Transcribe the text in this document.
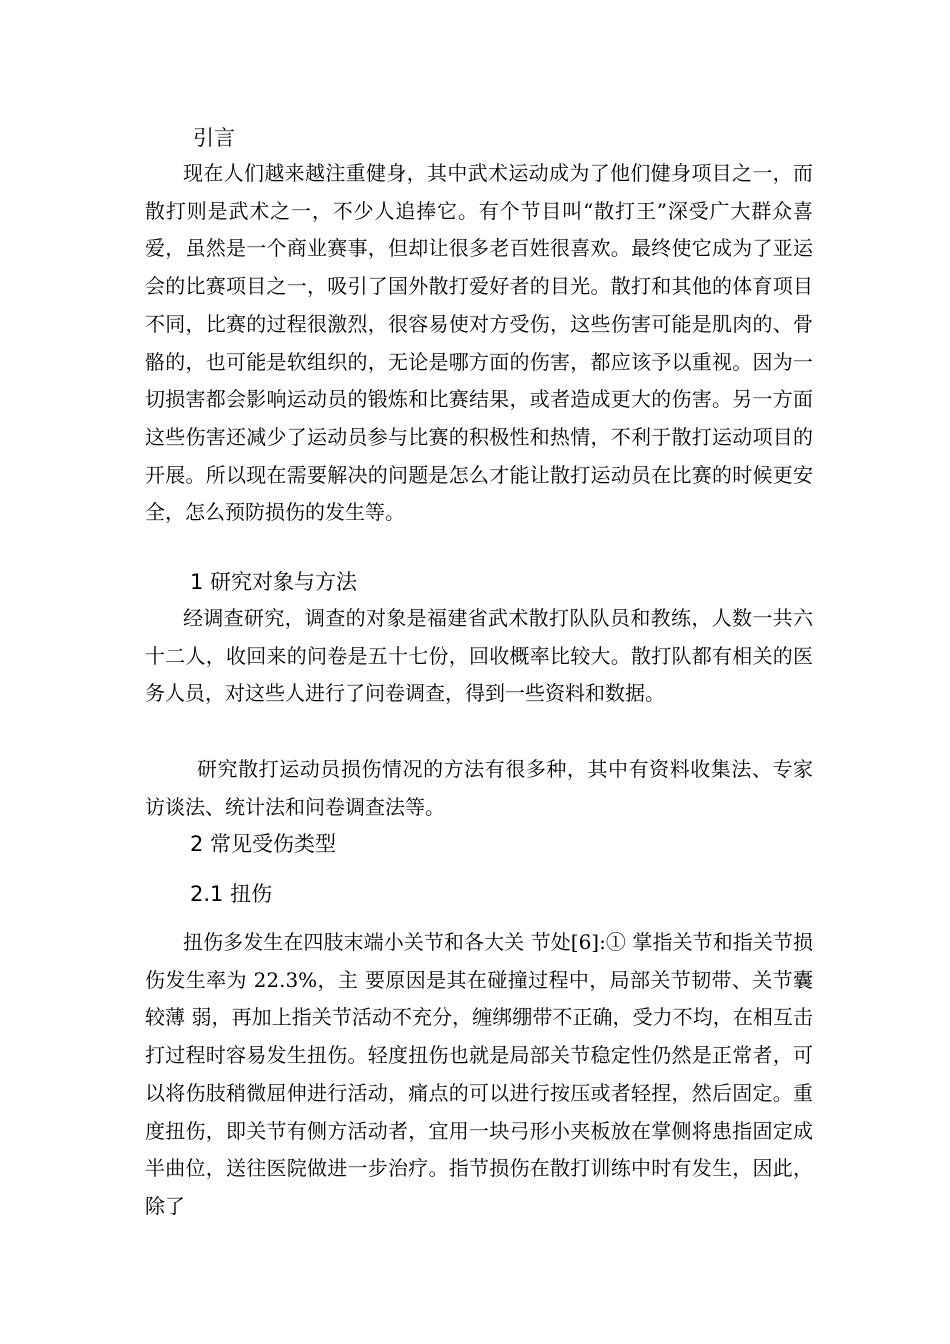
引言
现在人们越来越注重健身，其中武术运动成为了他们健身项目之一，而散打则是武术之一，不少人追捧它。有个节目叫“散打王”深受广大群众喜爱，虽然是一个商业赛事，但却让很多老百姓很喜欢。最终使它成为了亚运会的比赛项目之一，吸引了国外散打爱好者的目光。散打和其他的体育项目不同，比赛的过程很激烈，很容易使对方受伤，这些伤害可能是肌肉的、骨骼的，也可能是软组织的，无论是哪方面的伤害，都应该予以重视。因为一切损害都会影响运动员的锻炼和比赛结果，或者造成更大的伤害。另一方面这些伤害还减少了运动员参与比赛的积极性和热情，不利于散打运动项目的开展。所以现在需要解决的问题是怎么才能让散打运动员在比赛的时候更安全，怎么预防损伤的发生等。
1 研究对象与方法
经调查研究，调查的对象是福建省武术散打队队员和教练，人数一共六十二人，收回来的问卷是五十七份，回收概率比较大。散打队都有相关的医务人员，对这些人进行了问卷调查，得到一些资料和数据。
研究散打运动员损伤情况的方法有很多种，其中有资料收集法、专家访谈法、统计法和问卷调查法等。
2 常见受伤类型
2.1 扭伤
扭伤多发生在四肢末端小关节和各大关 节处[6]:① 掌指关节和指关节损伤发生率为 22.3%，主 要原因是其在碰撞过程中，局部关节韧带、关节囊较薄 弱，再加上指关节活动不充分，缠绑绷带不正确，受力不均，在相互击打过程时容易发生扭伤。轻度扭伤也就是局部关节稳定性仍然是正常者，可以将伤肢稍微屈伸进行活动，痛点的可以进行按压或者轻捏，然后固定。重度扭伤，即关节有侧方活动者，宜用一块弓形小夹板放在掌侧将患指固定成半曲位，送往医院做进一步治疗。指节损伤在散打训练中时有发生，因此，除了
